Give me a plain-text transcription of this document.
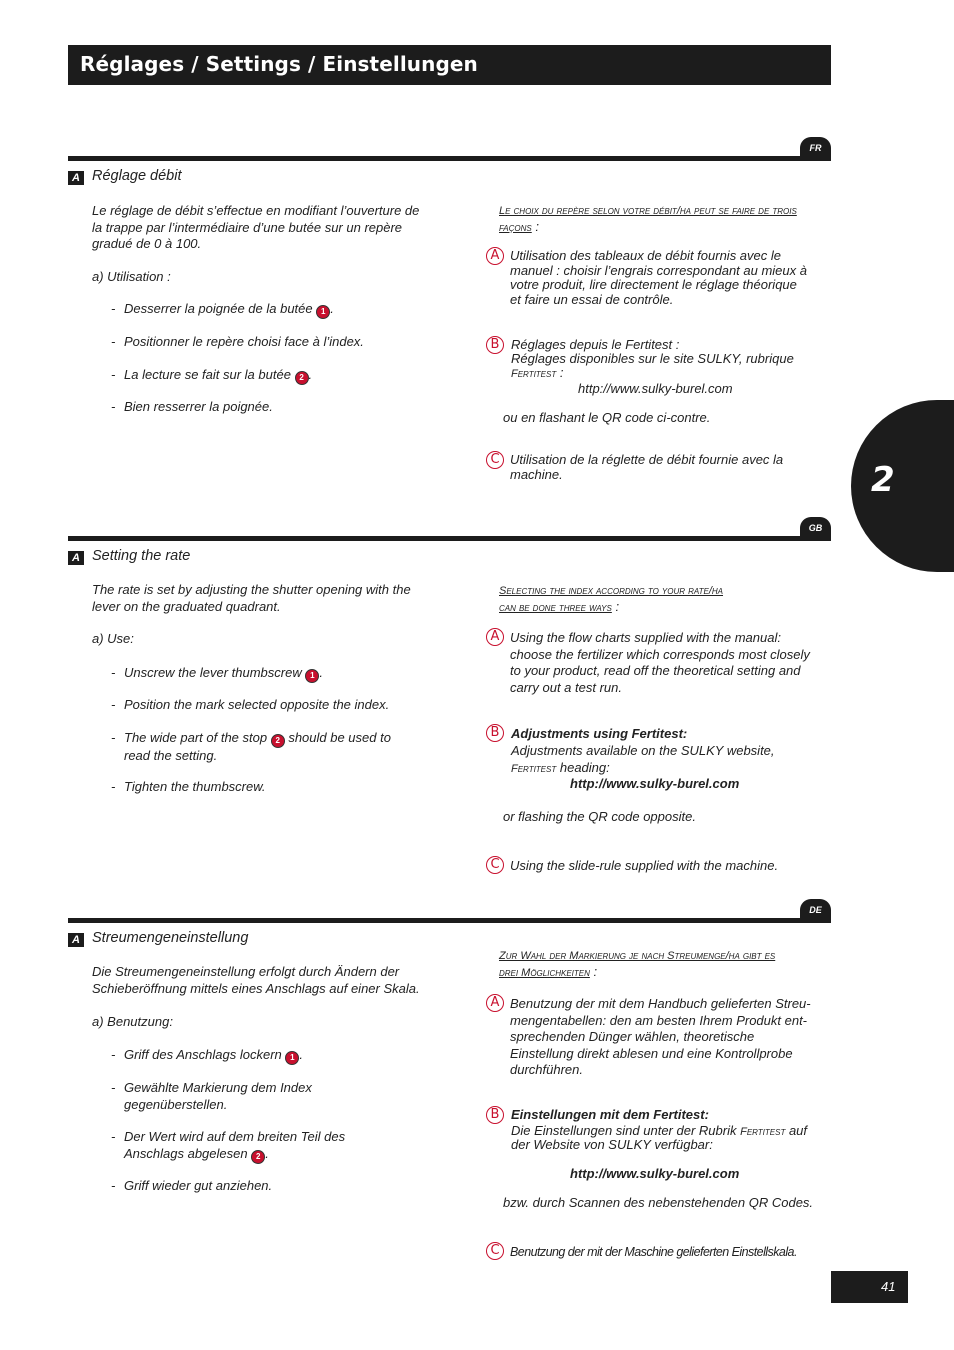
Réglages / Settings / Einstellungen
2
FR
A Réglage débit
Le réglage de débit s’effectue en modifiant l’ouverture de
la trappe par l’intermédiaire d’une butée sur un repère
gradué de 0 à 100.
a) Utilisation :
- Desserrer la poignée de la butée 1 .
- Positionner le repère choisi face à l’index.
- La lecture se fait sur la butée 2 .
- Bien resserrer la poignée.
Le choix du repère selon votre débit/ha peut se faire de trois
façons :
A Utilisation des tableaux de débit fournis avec le
manuel : choisir l’engrais correspondant au mieux à
votre produit, lire directement le réglage théorique
et faire un essai de contrôle.
B Réglages depuis le Fertitest :
Réglages disponibles sur le site SULKY, rubrique
Fertitest :
http://www.sulky-burel.com
ou en flashant le QR code ci-contre.
C Utilisation de la réglette de débit fournie avec la
machine.
GB
A Setting the rate
The rate is set by adjusting the shutter opening with the
lever on the graduated quadrant.
a) Use:
- Unscrew the lever thumbscrew 1 .
- Position the mark selected opposite the index.
- The wide part of the stop 2 should be used to
read the setting.
- Tighten the thumbscrew.
Selecting the index according to your rate/ha
can be done three ways :
A Using the flow charts supplied with the manual:
choose the fertilizer which corresponds most closely
to your product, read off the theoretical setting and
carry out a test run.
B Adjustments using Fertitest:
Adjustments available on the SULKY website,
Fertitest heading:
http://www.sulky-burel.com
or flashing the QR code opposite.
C Using the slide-rule supplied with the machine.
DE
A Streumengeneinstellung
Die Streumengeneinstellung erfolgt durch Ändern der
Schieberöffnung mittels eines Anschlags auf einer Skala.
a) Benutzung:
- Griff des Anschlags lockern 1 .
- Gewählte Markierung dem Index
gegenüberstellen.
- Der Wert wird auf dem breiten Teil des
Anschlags abgelesen 2 .
- Griff wieder gut anziehen.
Zur Wahl der Markierung je nach Streumenge/ha gibt es
drei Möglichkeiten :
A Benutzung der mit dem Handbuch gelieferten Streu-
mengentabellen: den am besten Ihrem Produkt ent-
sprechenden Dünger wählen, theoretische
Einstellung direkt ablesen und eine Kontrollprobe
durchführen.
B Einstellungen mit dem Fertitest:
Die Einstellungen sind unter der Rubrik Fertitest auf
der Website von SULKY verfügbar:
http://www.sulky-burel.com
bzw. durch Scannen des nebenstehenden QR Codes.
C Benutzung der mit der Maschine gelieferten Einstellskala.
41
